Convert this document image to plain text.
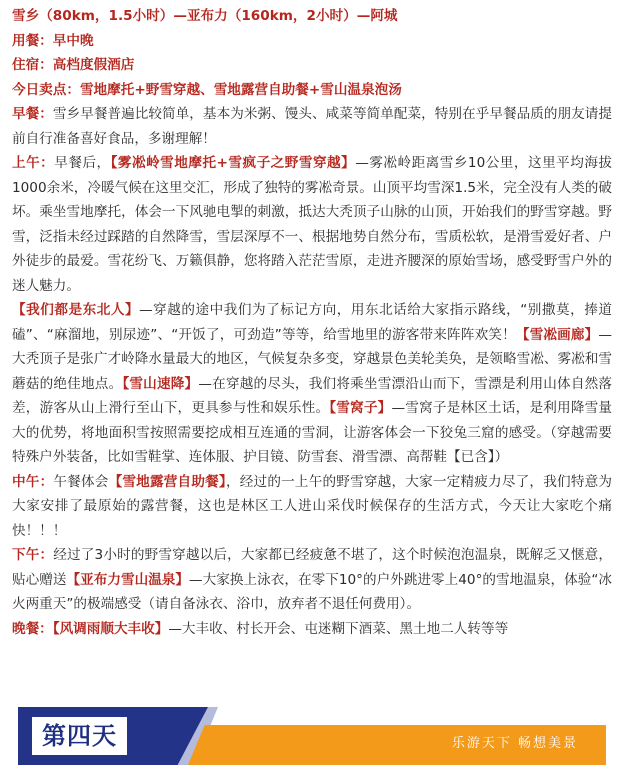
雪乡（80km，1.5小时）—亚布力（160km，2小时）—阿城
用餐：早中晚
住宿：高档度假酒店
今日卖点：雪地摩托+野雪穿越、雪地露营自助餐+雪山温泉泡汤

早餐：雪乡早餐普遍比较简单，基本为米粥、馒头、咸菜等简单配菜，特别在乎早餐品质的朋友请提前自行准备喜好食品，多谢理解！

上午：早餐后，【雾凇岭雪地摩托+雪疯子之野雪穿越】—雾凇岭距离雪乡10公里，这里平均海拔1000余米，冷暖气候在这里交汇，形成了独特的雾凇奇景。山顶平均雪深1.5米，完全没有人类的破坏。乘坐雪地摩托，体会一下风驰电掣的刺激，抵达大秃顶子山脉的山顶，开始我们的野雪穿越。野雪，泛指未经过踩踏的自然降雪，雪层深厚不一、根据地势自然分布，雪质松软，是滑雪爱好者、户外徒步的最爱。雪花纷飞、万籁俱静，您将踏入茫茫雪原，走进齐腰深的原始雪场，感受野雪户外的迷人魅力。
【我们都是东北人】—穿越的途中我们为了标记方向，用东北话给大家指示路线，“别撒莫，捧道磕”、“麻溜地，别尿迹”、“开饭了，可劲造”等等，给雪地里的游客带来阵阵欢笑！【雪凇画廊】—大秃顶子是张广才岭降水量最大的地区，气候复杂多变，穿越景色美轮美奂，是领略雪凇、雾凇和雪蘑菇的绝佳地点。【雪山速降】—在穿越的尽头，我们将乘坐雪漂沿山而下，雪漂是利用山体自然落差，游客从山上滑行至山下，更具参与性和娱乐性。【雪窝子】—雪窝子是林区土话，是利用降雪量大的优势，将地面积雪按照需要挖成相互连通的雪洞，让游客体会一下狡兔三窟的感受。（穿越需要特殊户外装备，比如雪鞋掌、连体服、护目镜、防雪套、滑雪漂、高帮鞋【已含】）

中午：午餐体会【雪地露营自助餐】，经过的一上午的野雪穿越，大家一定精疲力尽了，我们特意为大家安排了最原始的露营餐，这也是林区工人进山采伐时候保存的生活方式，今天让大家吃个痛快！！！

下午：经过了3小时的野雪穿越以后，大家都已经疲惫不堪了，这个时候泡泡温泉，既解乏又惬意，贴心赠送【亚布力雪山温泉】—大家换上泳衣，在零下10°的户外跳进零上40°的雪地温泉，体验“冰火两重天”的极端感受（请自备泳衣、浴巾，放弃者不退任何费用）。

晚餐：【风调雨顺大丰收】—大丰收、村长开会、屯迷糊下酒菜、黑土地二人转等等

第四天	乐游天下 畅想美景
